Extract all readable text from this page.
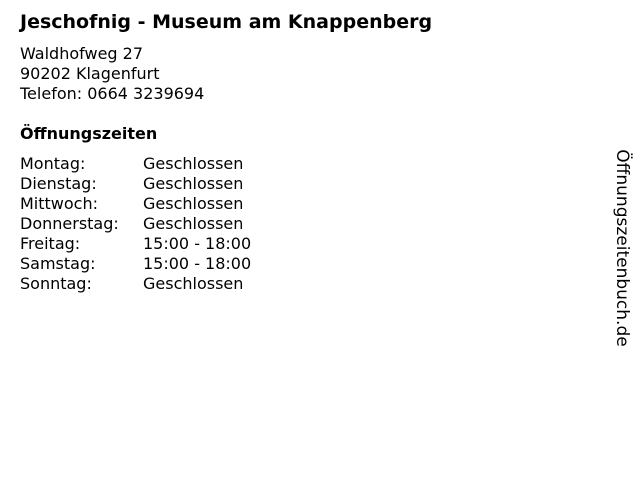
Jeschofnig - Museum am Knappenberg
Waldhofweg 27
90202 Klagenfurt
Telefon: 0664 3239694
Öffnungszeiten
Montag:	Geschlossen
Dienstag:	Geschlossen
Mittwoch:	Geschlossen
Donnerstag:	Geschlossen
Freitag:	15:00 - 18:00
Samstag:	15:00 - 18:00
Sonntag:	Geschlossen	Öffnungszeitenbuch.de
